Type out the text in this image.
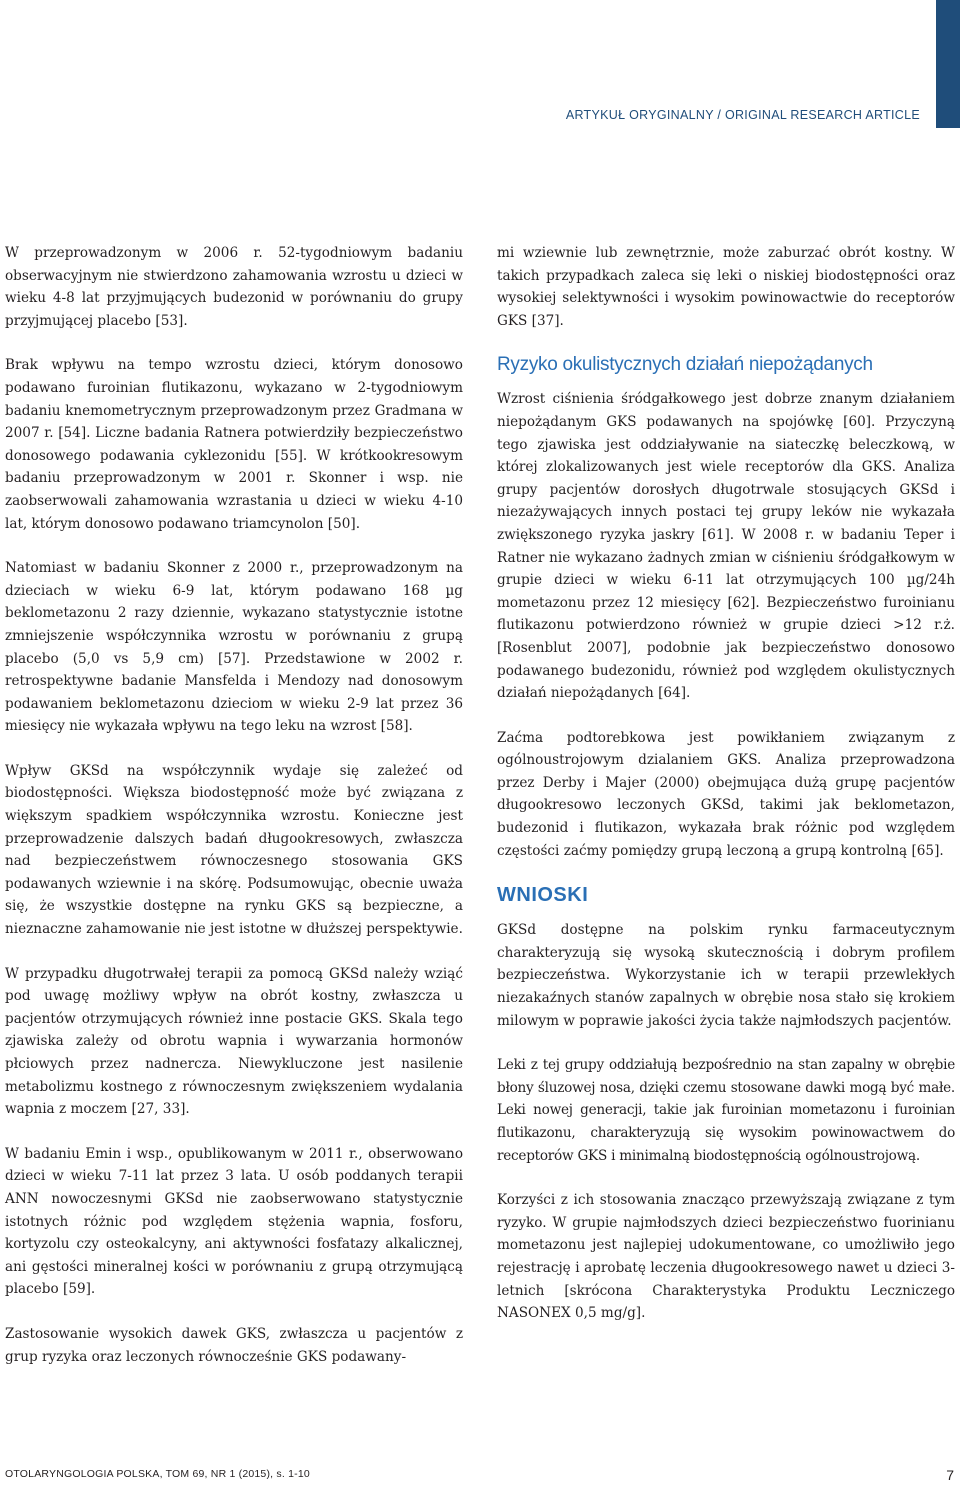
ARTYKUŁ ORYGINALNY / ORIGINAL RESEARCH ARTICLE

W przeprowadzonym w 2006 r. 52-tygodniowym badaniu obserwacyjnym nie stwierdzono zahamowania wzrostu u dzieci w wieku 4-8 lat przyjmujących budezonid w porównaniu do grupy przyjmującej placebo [53].

Brak wpływu na tempo wzrostu dzieci, którym donosowo podawano furoinian flutikazonu, wykazano w 2-tygodniowym badaniu knemometrycznym przeprowadzonym przez Gradmana w 2007 r. [54]. Liczne badania Ratnera potwierdziły bezpieczeństwo donosowego podawania cyklezonidu [55]. W krótkookresowym badaniu przeprowadzonym w 2001 r. Skonner i wsp. nie zaobserwowali zahamowania wzrastania u dzieci w wieku 4-10 lat, którym donosowo podawano triamcynolon [50].

Natomiast w badaniu Skonner z 2000 r., przeprowadzonym na dzieciach w wieku 6-9 lat, którym podawano 168 µg beklometazonu 2 razy dziennie, wykazano statystycznie istotne zmniejszenie współczynnika wzrostu w porównaniu z grupą placebo (5,0 vs 5,9 cm) [57]. Przedstawione w 2002 r. retrospektywne badanie Mansfelda i Mendozy nad donosowym podawaniem beklometazonu dzieciom w wieku 2-9 lat przez 36 miesięcy nie wykazała wpływu na tego leku na wzrost [58].

Wpływ GKSd na współczynnik wydaje się zależeć od biodostępności. Większa biodostępność może być związana z większym spadkiem współczynnika wzrostu. Konieczne jest przeprowadzenie dalszych badań długookresowych, zwłaszcza nad bezpieczeństwem równoczesnego stosowania GKS podawanych wziewnie i na skórę. Podsumowując, obecnie uważa się, że wszystkie dostępne na rynku GKS są bezpieczne, a nieznaczne zahamowanie nie jest istotne w dłuższej perspektywie.

W przypadku długotrwałej terapii za pomocą GKSd należy wziąć pod uwagę możliwy wpływ na obrót kostny, zwłaszcza u pacjentów otrzymujących również inne postacie GKS. Skala tego zjawiska zależy od obrotu wapnia i wywarzania hormonów płciowych przez nadnercza. Niewykluczone jest nasilenie metabolizmu kostnego z równoczesnym zwiększeniem wydalania wapnia z moczem [27, 33].

W badaniu Emin i wsp., opublikowanym w 2011 r., obserwowano dzieci w wieku 7-11 lat przez 3 lata. U osób poddanych terapii ANN nowoczesnymi GKSd nie zaobserwowano statystycznie istotnych różnic pod względem stężenia wapnia, fosforu, kortyzolu czy osteokalcyny, ani aktywności fosfatazy alkalicznej, ani gęstości mineralnej kości w porównaniu z grupą otrzymującą placebo [59].

Zastosowanie wysokich dawek GKS, zwłaszcza u pacjentów z grup ryzyka oraz leczonych równocześnie GKS podawany-

mi wziewnie lub zewnętrznie, może zaburzać obrót kostny. W takich przypadkach zaleca się leki o niskiej biodostępności oraz wysokiej selektywności i wysokim powinowactwie do receptorów GKS [37].

Ryzyko okulistycznych działań niepożądanych

Wzrost ciśnienia śródgałkowego jest dobrze znanym działaniem niepożądanym GKS podawanych na spojówkę [60]. Przyczyną tego zjawiska jest oddziaływanie na siateczkę beleczkową, w której zlokalizowanych jest wiele receptorów dla GKS. Analiza grupy pacjentów dorosłych długotrwale stosujących GKSd i niezażywających innych postaci tej grupy leków nie wykazała zwiększonego ryzyka jaskry [61]. W 2008 r. w badaniu Teper i Ratner nie wykazano żadnych zmian w ciśnieniu śródgałkowym w grupie dzieci w wieku 6-11 lat otrzymujących 100 µg/24h mometazonu przez 12 miesięcy [62]. Bezpieczeństwo furoinianu flutikazonu potwierdzono również w grupie dzieci >12 r.ż. [Rosenblut 2007], podobnie jak bezpieczeństwo donosowo podawanego budezonidu, również pod względem okulistycznych działań niepożądanych [64].

Zaćma podtorebkowa jest powikłaniem związanym z ogólnoustrojowym dzialaniem GKS. Analiza przeprowadzona przez Derby i Majer (2000) obejmująca dużą grupę pacjentów długookresowo leczonych GKSd, takimi jak beklometazon, budezonid i flutikazon, wykazała brak różnic pod względem częstości zaćmy pomiędzy grupą leczoną a grupą kontrolną [65].

WNIOSKI

GKSd dostępne na polskim rynku farmaceutycznym charakteryzują się wysoką skutecznością i dobrym profilem bezpieczeństwa. Wykorzystanie ich w terapii przewlekłych niezakaźnych stanów zapalnych w obrębie nosa stało się krokiem milowym w poprawie jakości życia także najmłodszych pacjentów.

Leki z tej grupy oddziałują bezpośrednio na stan zapalny w obrębie błony śluzowej nosa, dzięki czemu stosowane dawki mogą być małe. Leki nowej generacji, takie jak furoinian mometazonu i furoinian flutikazonu, charakteryzują się wysokim powinowactwem do receptorów GKS i minimalną biodostępnością ogólnoustrojową.

Korzyści z ich stosowania znacząco przewyższają związane z tym ryzyko. W grupie najmłodszych dzieci bezpieczeństwo fuorinianu mometazonu jest najlepiej udokumentowane, co umożliwiło jego rejestrację i aprobatę leczenia długookresowego nawet u dzieci 3-letnich [skrócona Charakterystyka Produktu Leczniczego NASONEX 0,5 mg/g].

OTOLARYNGOLOGIA POLSKA, TOM 69, NR 1 (2015), s. 1-10	7
